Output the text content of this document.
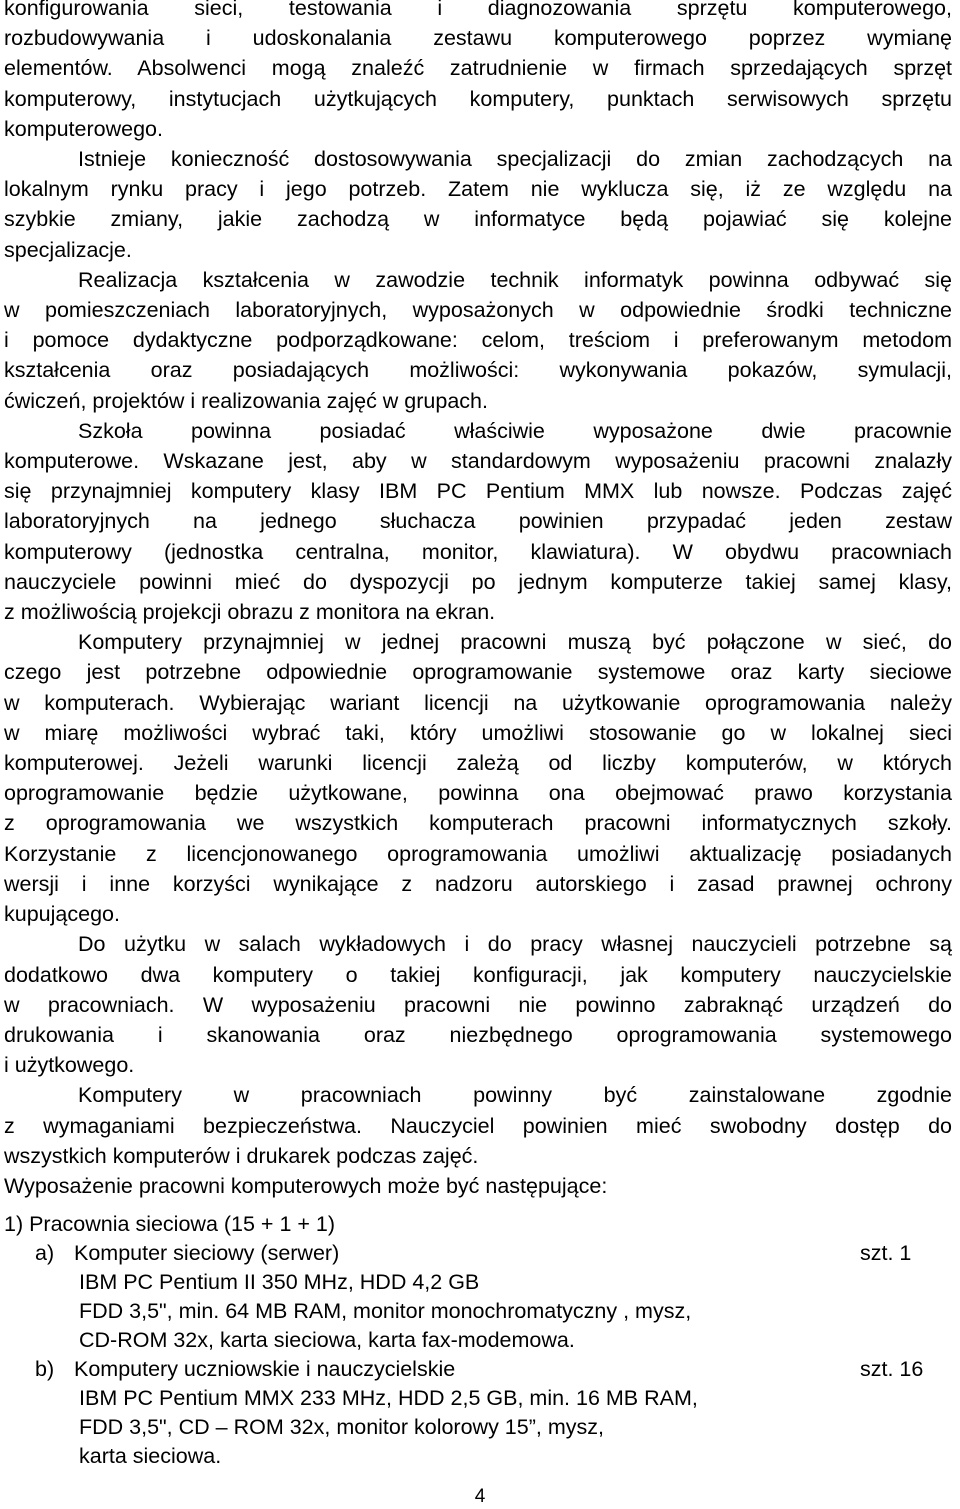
konfigurowania sieci, testowania i diagnozowania sprzętu komputerowego,
rozbudowywania i udoskonalania zestawu komputerowego poprzez wymianę
elementów. Absolwenci mogą znaleźć zatrudnienie w firmach sprzedających sprzęt
komputerowy, instytucjach użytkujących komputery, punktach serwisowych sprzętu
komputerowego.

Istnieje konieczność dostosowywania specjalizacji do zmian zachodzących na
lokalnym rynku pracy i jego potrzeb. Zatem nie wyklucza się, iż ze względu na
szybkie zmiany, jakie zachodzą w informatyce będą pojawiać się kolejne
specjalizacje.

Realizacja kształcenia w zawodzie technik informatyk powinna odbywać się
w pomieszczeniach laboratoryjnych, wyposażonych w odpowiednie środki techniczne
i pomoce dydaktyczne podporządkowane: celom, treściom i preferowanym metodom
kształcenia oraz posiadających możliwości: wykonywania pokazów, symulacji,
ćwiczeń, projektów i realizowania zajęć w grupach.

Szkoła powinna posiadać właściwie wyposażone dwie pracownie
komputerowe. Wskazane jest, aby w standardowym wyposażeniu pracowni znalazły
się przynajmniej komputery klasy IBM PC Pentium MMX lub nowsze. Podczas zajęć
laboratoryjnych na jednego słuchacza powinien przypadać jeden zestaw
komputerowy (jednostka centralna, monitor, klawiatura). W obydwu pracowniach
nauczyciele powinni mieć do dyspozycji po jednym komputerze takiej samej klasy,
z możliwością projekcji obrazu z monitora na ekran.

Komputery przynajmniej w jednej pracowni muszą być połączone w sieć, do
czego jest potrzebne odpowiednie oprogramowanie systemowe oraz karty sieciowe
w komputerach. Wybierając wariant licencji na użytkowanie oprogramowania należy
w miarę możliwości wybrać taki, który umożliwi stosowanie go w lokalnej sieci
komputerowej. Jeżeli warunki licencji zależą od liczby komputerów, w których
oprogramowanie będzie użytkowane, powinna ona obejmować prawo korzystania
z oprogramowania we wszystkich komputerach pracowni informatycznych szkoły.
Korzystanie z licencjonowanego oprogramowania umożliwi aktualizację posiadanych
wersji i inne korzyści wynikające z nadzoru autorskiego i zasad prawnej ochrony
kupującego.

Do użytku w salach wykładowych i do pracy własnej nauczycieli potrzebne są
dodatkowo dwa komputery o takiej konfiguracji, jak komputery nauczycielskie
w pracowniach. W wyposażeniu pracowni nie powinno zabraknąć urządzeń do
drukowania i skanowania oraz niezbędnego oprogramowania systemowego
i użytkowego.

Komputery w pracowniach powinny być zainstalowane zgodnie
z wymaganiami bezpieczeństwa. Nauczyciel powinien mieć swobodny dostęp do
wszystkich komputerów i drukarek podczas zajęć.

Wyposażenie pracowni komputerowych może być następujące:

1) Pracownia sieciowa (15 + 1 + 1)
a) Komputer sieciowy (serwer)	szt. 1
IBM PC Pentium II 350 MHz, HDD 4,2 GB
FDD 3,5", min. 64 MB RAM, monitor monochromatyczny , mysz,
CD-ROM 32x, karta sieciowa, karta fax-modemowa.
b) Komputery uczniowskie i nauczycielskie	szt. 16
IBM PC Pentium MMX 233 MHz, HDD 2,5 GB, min. 16 MB RAM,
FDD 3,5", CD – ROM 32x, monitor kolorowy 15”, mysz,
karta sieciowa.
4
